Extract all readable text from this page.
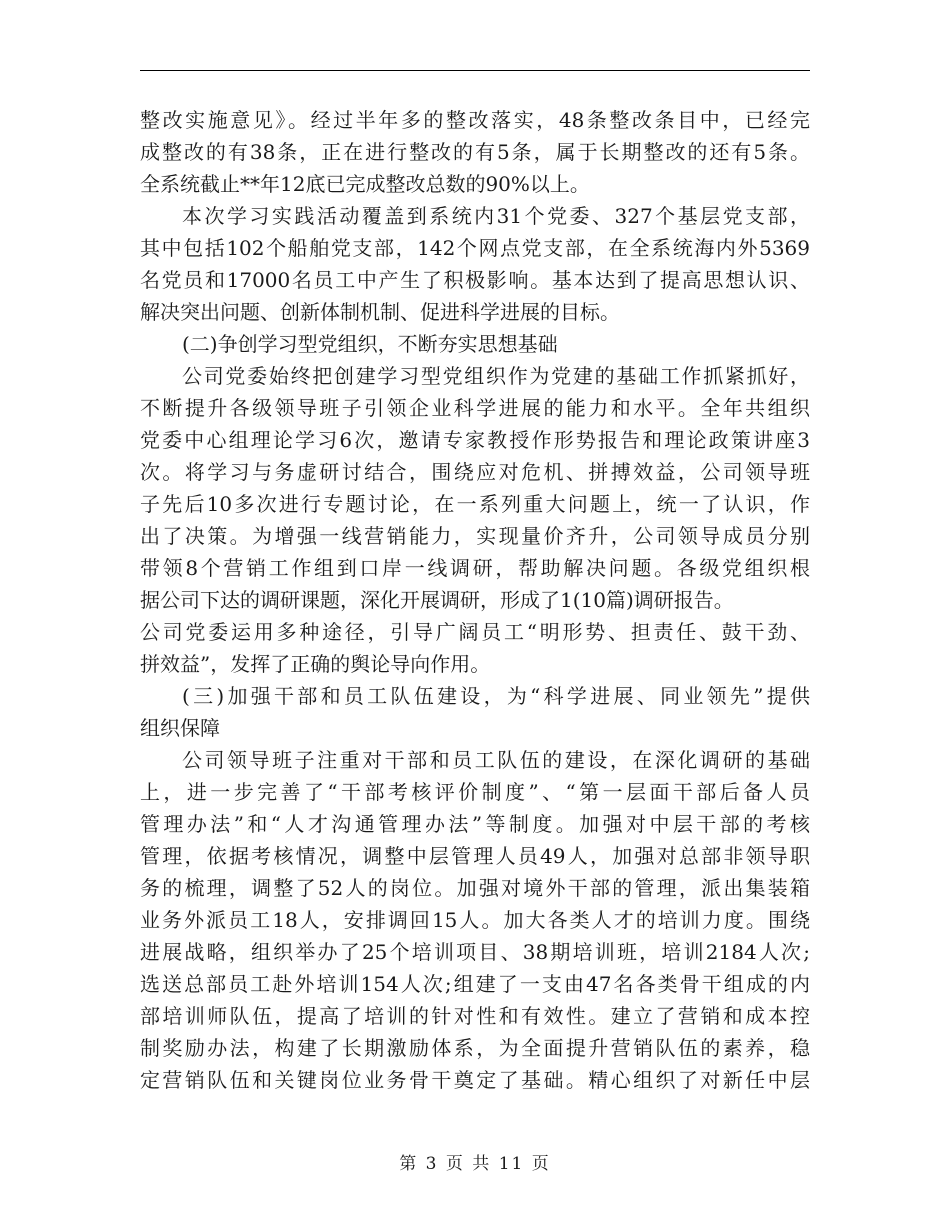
整改实施意见》。经过半年多的整改落实，48条整改条目中，已经完
成整改的有38条，正在进行整改的有5条，属于长期整改的还有5条。
全系统截止**年12底已完成整改总数的90%以上。
本次学习实践活动覆盖到系统内31个党委、327个基层党支部，
其中包括102个船舶党支部，142个网点党支部，在全系统海内外5369
名党员和17000名员工中产生了积极影响。基本达到了提高思想认识、
解决突出问题、创新体制机制、促进科学进展的目标。
(二)争创学习型党组织，不断夯实思想基础
公司党委始终把创建学习型党组织作为党建的基础工作抓紧抓好，
不断提升各级领导班子引领企业科学进展的能力和水平。全年共组织
党委中心组理论学习6次，邀请专家教授作形势报告和理论政策讲座3
次。将学习与务虚研讨结合，围绕应对危机、拼搏效益，公司领导班
子先后10多次进行专题讨论，在一系列重大问题上，统一了认识，作
出了决策。为增强一线营销能力，实现量价齐升，公司领导成员分别
带领8个营销工作组到口岸一线调研，帮助解决问题。各级党组织根
据公司下达的调研课题，深化开展调研，形成了1(10篇)调研报告。
公司党委运用多种途径，引导广阔员工“明形势、担责任、鼓干劲、
拼效益”，发挥了正确的舆论导向作用。
(三)加强干部和员工队伍建设，为“科学进展、同业领先”提供
组织保障
公司领导班子注重对干部和员工队伍的建设，在深化调研的基础
上，进一步完善了“干部考核评价制度”、“第一层面干部后备人员
管理办法”和“人才沟通管理办法”等制度。加强对中层干部的考核
管理，依据考核情况，调整中层管理人员49人，加强对总部非领导职
务的梳理，调整了52人的岗位。加强对境外干部的管理，派出集装箱
业务外派员工18人，安排调回15人。加大各类人才的培训力度。围绕
进展战略，组织举办了25个培训项目、38期培训班，培训2184人次;
选送总部员工赴外培训154人次;组建了一支由47名各类骨干组成的内
部培训师队伍，提高了培训的针对性和有效性。建立了营销和成本控
制奖励办法，构建了长期激励体系，为全面提升营销队伍的素养，稳
定营销队伍和关键岗位业务骨干奠定了基础。精心组织了对新任中层
第 3 页 共 11 页
